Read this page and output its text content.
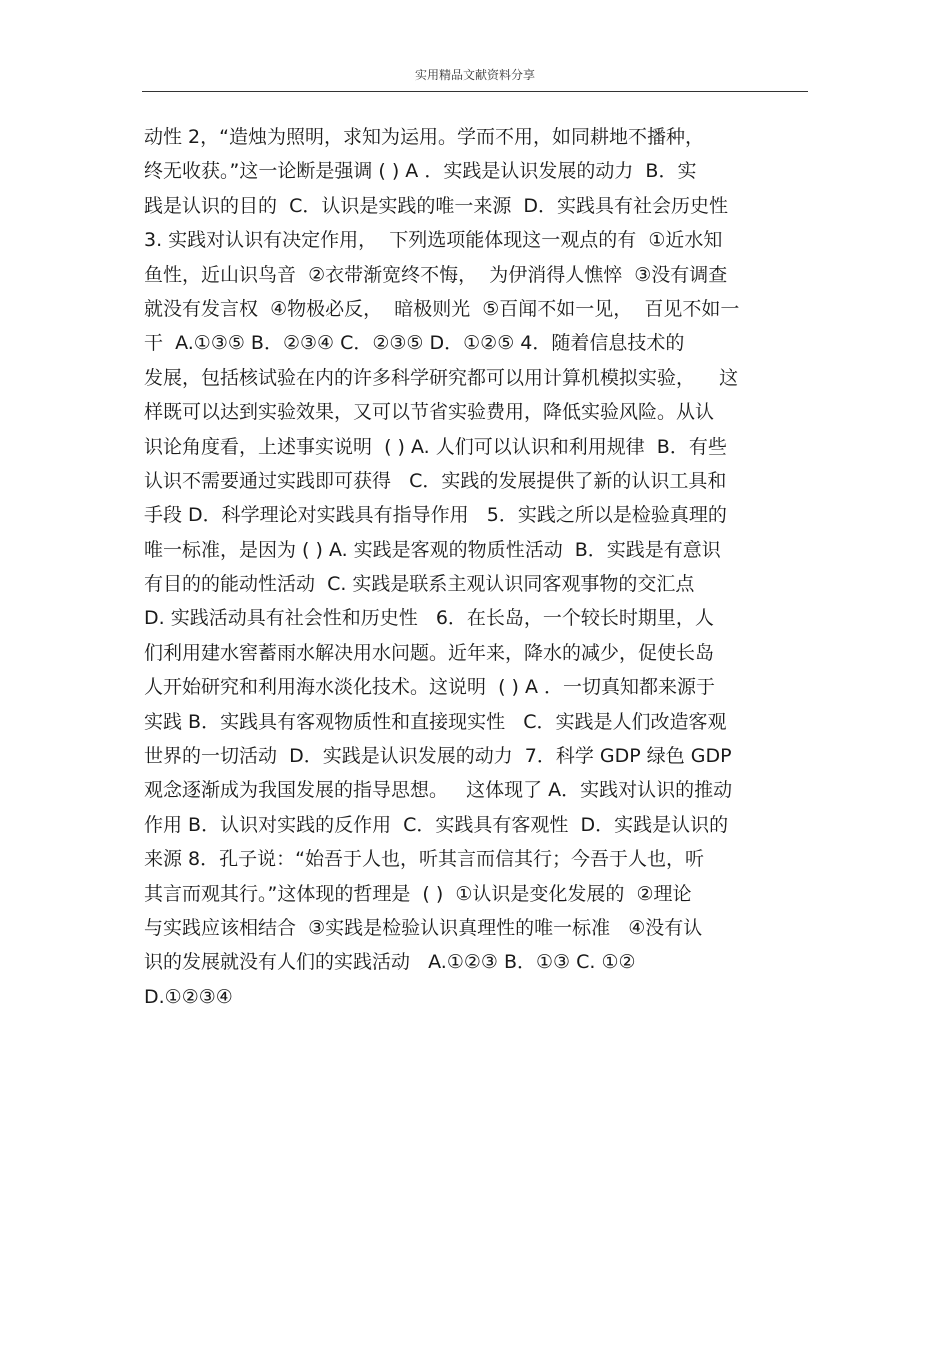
实用精品文献资料分享
动性 2，“造烛为照明，求知为运用。学而不用，如同耕地不播种，
终无收获。”这一论断是强调 ( ) A ．实践是认识发展的动力  B．实
践是认识的目的  C．认识是实践的唯一来源  D．实践具有社会历史性
3. 实践对认识有决定作用，  下列选项能体现这一观点的有  ①近水知
鱼性，近山识鸟音  ②衣带渐宽终不悔，  为伊消得人憔悴  ③没有调查
就没有发言权  ④物极必反，  暗极则光  ⑤百闻不如一见，  百见不如一
干  A.①③⑤ B．②③④ C．②③⑤ D．①②⑤ 4．随着信息技术的
发展，包括核试验在内的许多科学研究都可以用计算机模拟实验，    这
样既可以达到实验效果，又可以节省实验费用，降低实验风险。从认
识论角度看，上述事实说明  ( ) A. 人们可以认识和利用规律  B．有些
认识不需要通过实践即可获得   C．实践的发展提供了新的认识工具和
手段 D．科学理论对实践具有指导作用   5．实践之所以是检验真理的
唯一标准，是因为 ( ) A. 实践是客观的物质性活动  B．实践是有意识
有目的的能动性活动  C. 实践是联系主观认识同客观事物的交汇点
D. 实践活动具有社会性和历史性   6．在长岛，一个较长时期里，人
们利用建水窖蓄雨水解决用水问题。近年来，降水的减少，促使长岛
人开始研究和利用海水淡化技术。这说明  ( ) A ．一切真知都来源于
实践 B．实践具有客观物质性和直接现实性   C．实践是人们改造客观
世界的一切活动  D．实践是认识发展的动力  7．科学 GDP 绿色 GDP
观念逐渐成为我国发展的指导思想。   这体现了 A．实践对认识的推动
作用 B．认识对实践的反作用  C．实践具有客观性  D．实践是认识的
来源 8．孔子说：“始吾于人也，听其言而信其行；今吾于人也，听
其言而观其行。”这体现的哲理是  ( )  ①认识是变化发展的  ②理论
与实践应该相结合  ③实践是检验认识真理性的唯一标准   ④没有认
识的发展就没有人们的实践活动   A.①②③ B．①③ C. ①②
D.①②③④
